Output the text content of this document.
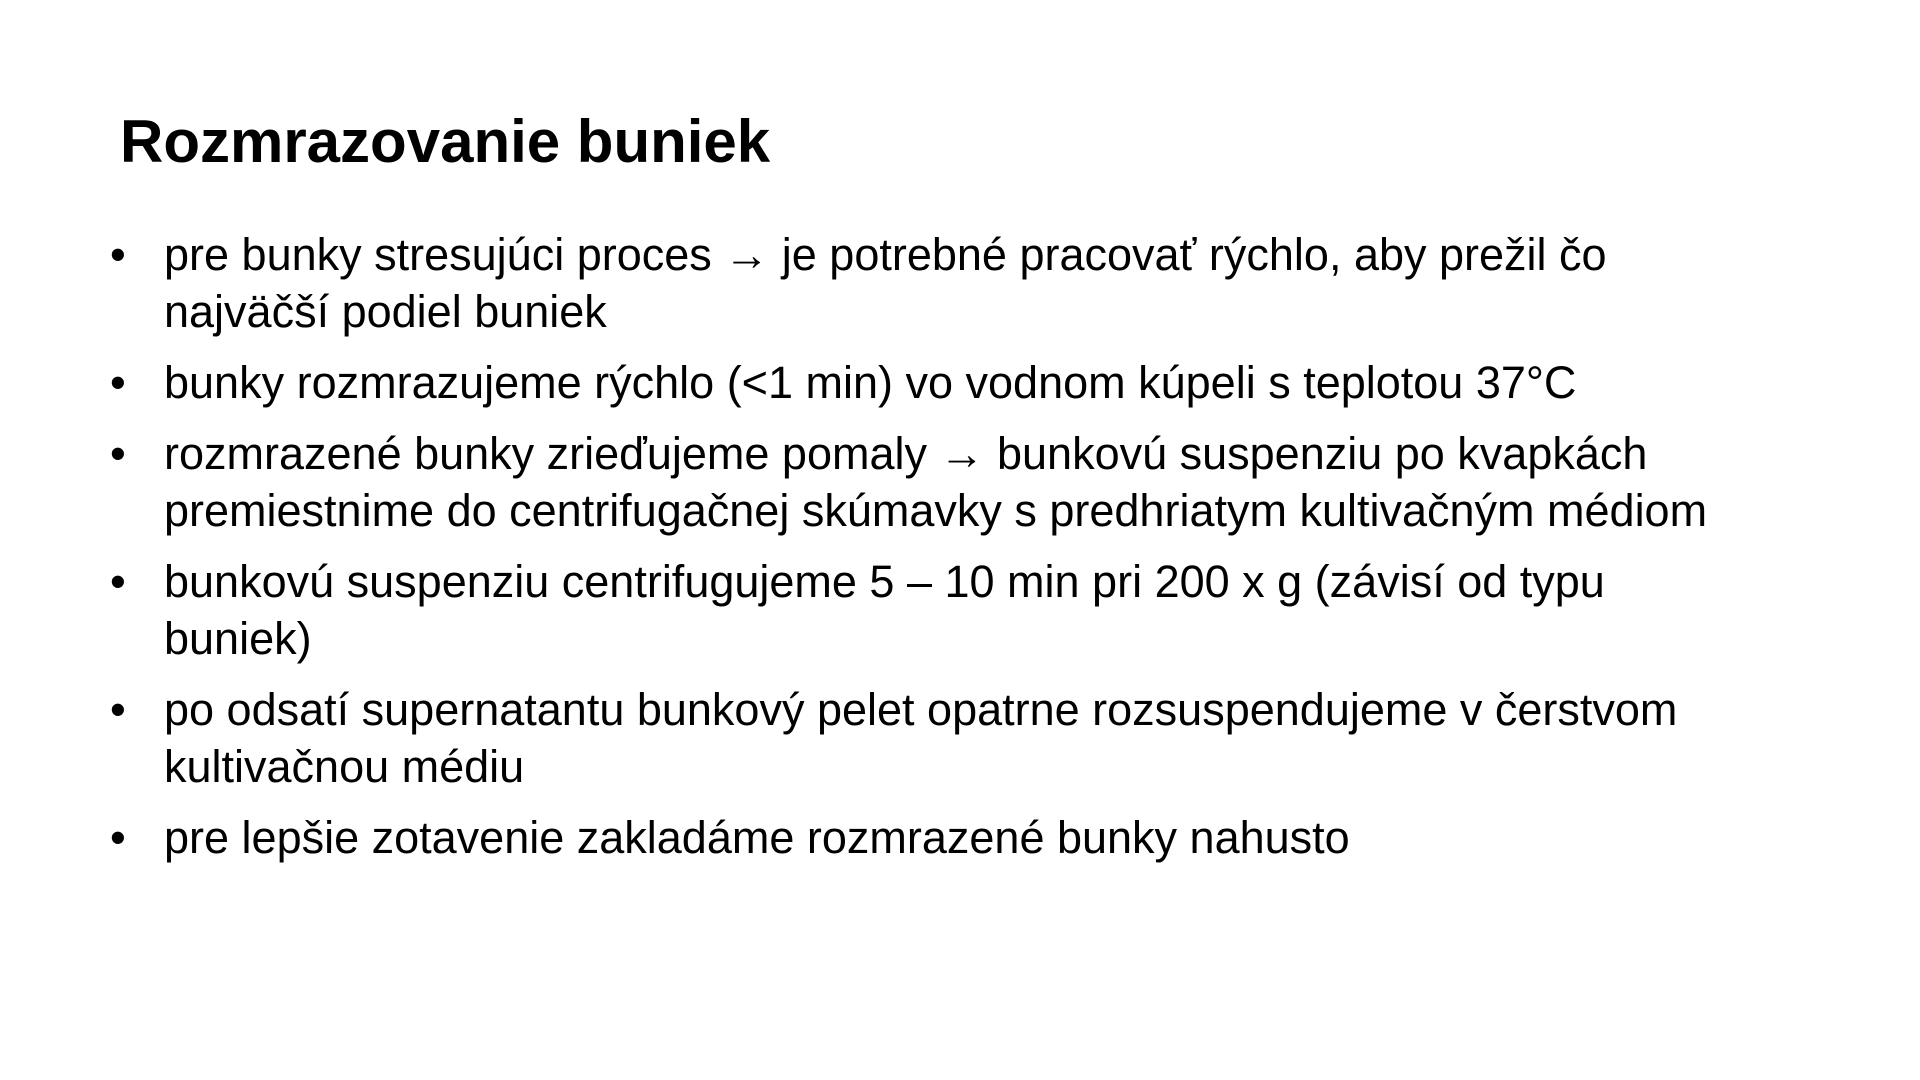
Rozmrazovanie buniek
• pre bunky stresujúci proces → je potrebné pracovať rýchlo, aby prežil čo najväčší podiel buniek
• bunky rozmrazujeme rýchlo (<1 min) vo vodnom kúpeli s teplotou 37°C
• rozmrazené bunky zrieďujeme pomaly → bunkovú suspenziu po kvapkách premiestnime do centrifugačnej skúmavky s predhriatym kultivačným médiom
• bunkovú suspenziu centrifugujeme 5 – 10 min pri 200 x g (závisí od typu buniek)
• po odsatí supernatantu bunkový pelet opatrne rozsuspendujeme v čerstvom kultivačnou médiu
• pre lepšie zotavenie zakladáme rozmrazené bunky nahusto
